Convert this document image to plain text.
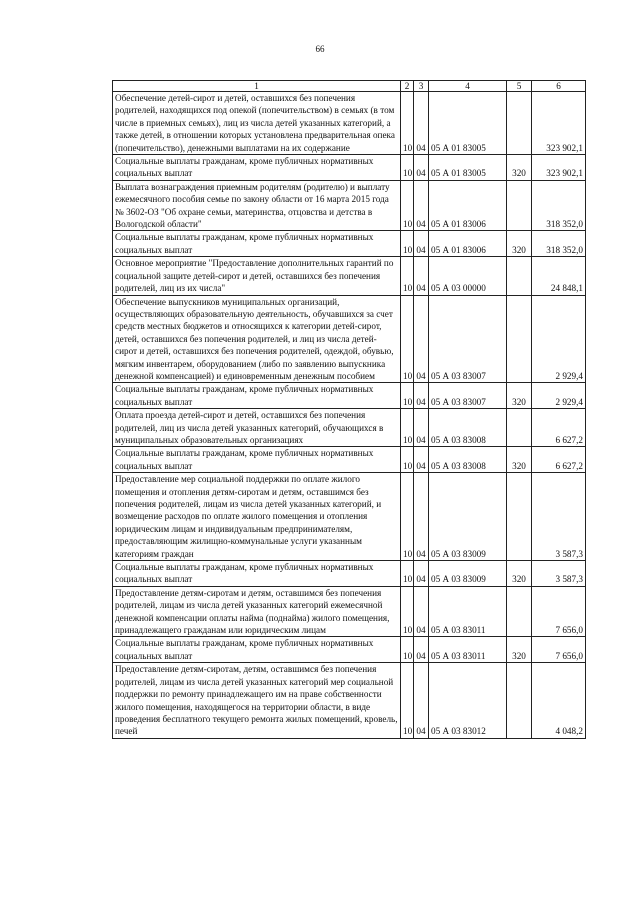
66
1	2	3	4	5	6
Обеспечение детей-сирот и детей, оставшихся без попечения родителей, находящихся под опекой (попечительством) в семьях (в том числе в приемных семьях), лиц из числа детей указанных категорий, а также детей, в отношении которых установлена предварительная опека (попечительство), денежными выплатами на их содержание	10	04	05 А 01 83005		323 902,1
Социальные выплаты гражданам, кроме публичных нормативных социальных выплат	10	04	05 А 01 83005	320	323 902,1
Выплата вознаграждения приемным родителям (родителю) и выплату ежемесячного пособия семье по закону области от 16 марта 2015 года № 3602-ОЗ "Об охране семьи, материнства, отцовства и детства в Вологодской области"	10	04	05 А 01 83006		318 352,0
Социальные выплаты гражданам, кроме публичных нормативных социальных выплат	10	04	05 А 01 83006	320	318 352,0
Основное мероприятие "Предоставление дополнительных гарантий по социальной защите детей-сирот и детей, оставшихся без попечения родителей, лиц из их числа"	10	04	05 А 03 00000		24 848,1
Обеспечение выпускников муниципальных организаций, осуществляющих образовательную деятельность, обучавшихся за счет средств местных бюджетов и относящихся к категории детей-сирот, детей, оставшихся без попечения родителей, и лиц из числа детей-сирот и детей, оставшихся без попечения родителей, одеждой, обувью, мягким инвентарем, оборудованием (либо по заявлению выпускника денежной компенсацией) и единовременным денежным пособием	10	04	05 А 03 83007		2 929,4
Социальные выплаты гражданам, кроме публичных нормативных социальных выплат	10	04	05 А 03 83007	320	2 929,4
Оплата проезда детей-сирот и детей, оставшихся без попечения родителей, лиц из числа детей указанных категорий, обучающихся в муниципальных образовательных организациях	10	04	05 А 03 83008		6 627,2
Социальные выплаты гражданам, кроме публичных нормативных социальных выплат	10	04	05 А 03 83008	320	6 627,2
Предоставление мер социальной поддержки по оплате жилого помещения и отопления детям-сиротам и детям, оставшимся без попечения родителей, лицам из числа детей указанных категорий, и возмещение расходов по оплате жилого помещения и отопления юридическим лицам и индивидуальным предпринимателям, предоставляющим жилищно-коммунальные услуги указанным категориям граждан	10	04	05 А 03 83009		3 587,3
Социальные выплаты гражданам, кроме публичных нормативных социальных выплат	10	04	05 А 03 83009	320	3 587,3
Предоставление детям-сиротам и детям, оставшимся без попечения родителей, лицам из числа детей указанных категорий ежемесячной денежной компенсации оплаты найма (поднайма) жилого помещения, принадлежащего гражданам или юридическим лицам	10	04	05 А 03 83011		7 656,0
Социальные выплаты гражданам, кроме публичных нормативных социальных выплат	10	04	05 А 03 83011	320	7 656,0
Предоставление детям-сиротам, детям, оставшимся без попечения родителей, лицам из числа детей указанных категорий мер социальной поддержки по ремонту принадлежащего им на праве собственности жилого помещения, находящегося на территории области, в виде проведения бесплатного текущего ремонта жилых помещений, кровель, печей	10	04	05 А 03 83012		4 048,2
